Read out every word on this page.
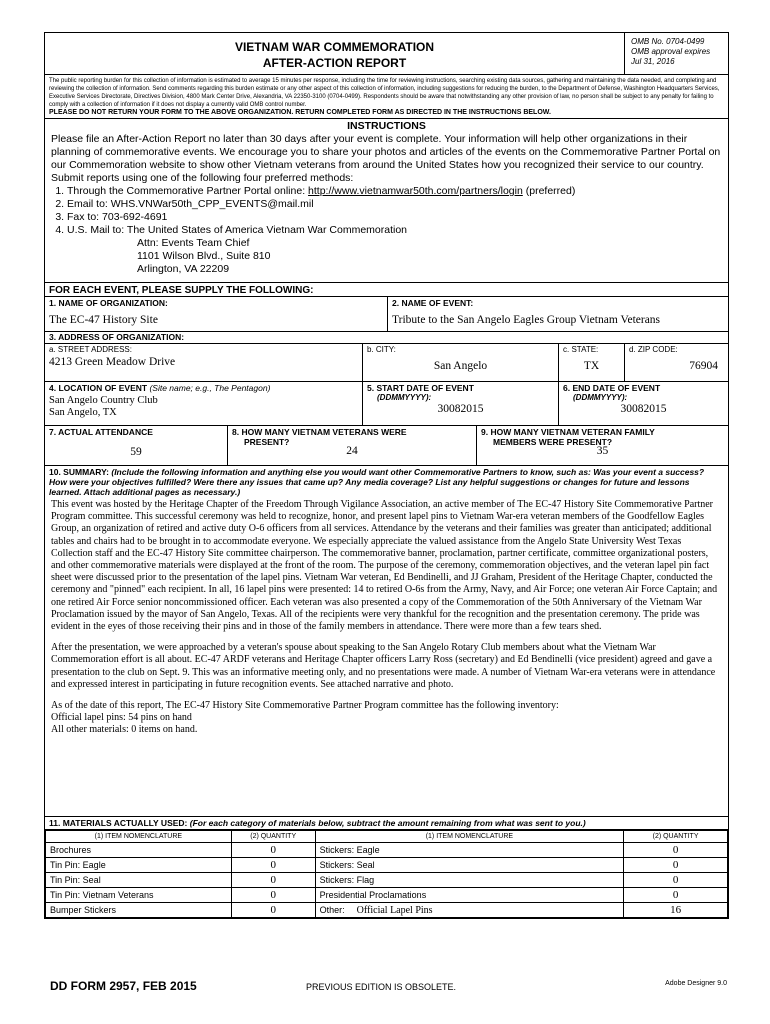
VIETNAM WAR COMMEMORATION
AFTER-ACTION REPORT
OMB No. 0704-0499
OMB approval expires
Jul 31, 2016
The public reporting burden for this collection of information is estimated to average 15 minutes per response, including the time for reviewing instructions, searching existing data sources, gathering and maintaining the data needed, and completing and reviewing the collection of information. Send comments regarding this burden estimate or any other aspect of this collection of information, including suggestions for reducing the burden, to the Department of Defense, Washington Headquarters Services, Executive Services Directorate, Directives Division, 4800 Mark Center Drive, Alexandria, VA 22350-3100 (0704-0499). Respondents should be aware that notwithstanding any other provision of law, no person shall be subject to any penalty for failing to comply with a collection of information if it does not display a currently valid OMB control number.
PLEASE DO NOT RETURN YOUR FORM TO THE ABOVE ORGANIZATION. RETURN COMPLETED FORM AS DIRECTED IN THE INSTRUCTIONS BELOW.
INSTRUCTIONS
Please file an After-Action Report no later than 30 days after your event is complete. Your information will help other organizations in their planning of commemorative events. We encourage you to share your photos and articles of the events on the Commemorative Partner Portal on our Commemoration website to show other Vietnam veterans from around the United States how you recognized their service to our country. Submit reports using one of the following four preferred methods:
1. Through the Commemorative Partner Portal online: http://www.vietnamwar50th.com/partners/login (preferred)
2. Email to: WHS.VNWar50th_CPP_EVENTS@mail.mil
3. Fax to: 703-692-4691
4. U.S. Mail to: The United States of America Vietnam War Commemoration
Attn: Events Team Chief
1101 Wilson Blvd., Suite 810
Arlington, VA 22209
FOR EACH EVENT, PLEASE SUPPLY THE FOLLOWING:
1. NAME OF ORGANIZATION:
The EC-47 History Site
2. NAME OF EVENT:
Tribute to the San Angelo Eagles Group Vietnam Veterans
3. ADDRESS OF ORGANIZATION:
a. STREET ADDRESS:
4213 Green Meadow Drive
b. CITY:
San Angelo
c. STATE:
TX
d. ZIP CODE:
76904
4. LOCATION OF EVENT (Site name; e.g., The Pentagon)
San Angelo Country Club
San Angelo, TX
5. START DATE OF EVENT
(DDMMYYYY):
30082015
6. END DATE OF EVENT
(DDMMYYYY):
30082015
7. ACTUAL ATTENDANCE
59
8. HOW MANY VIETNAM VETERANS WERE
PRESENT?
24
9. HOW MANY VIETNAM VETERAN FAMILY
MEMBERS WERE PRESENT?
35
10. SUMMARY: (Include the following information and anything else you would want other Commemorative Partners to know, such as: Was your event a success? How were your objectives fulfilled? Were there any issues that came up? Any media coverage? List any helpful suggestions or changes for future and lessons learned. Attach additional pages as necessary.)

This event was hosted by the Heritage Chapter of the Freedom Through Vigilance Association, an active member of The EC-47 History Site Commemorative Partner Program committee. This successful ceremony was held to recognize, honor, and present lapel pins to Vietnam War-era veteran members of the Goodfellow Eagles Group, an organization of retired and active duty O-6 officers from all services. Attendance by the veterans and their families was greater than anticipated; additional tables and chairs had to be brought in to accommodate everyone. We especially appreciate the valued assistance from the Angelo State University West Texas Collection staff and the EC-47 History Site committee chairperson. The commemorative banner, proclamation, partner certificate, committee organizational posters, and other commemorative materials were displayed at the front of the room. The purpose of the ceremony, commemoration objectives, and the veteran lapel pin fact sheet were discussed prior to the presentation of the lapel pins. Vietnam War veteran, Ed Bendinelli, and JJ Graham, President of the Heritage Chapter, conducted the ceremony and "pinned" each recipient. In all, 16 lapel pins were presented: 14 to retired O-6s from the Army, Navy, and Air Force; one veteran Air Force Captain; and one retired Air Force senior noncommissioned officer. Each veteran was also presented a copy of the Commemoration of the 50th Anniversary of the Vietnam War Proclamation issued by the mayor of San Angelo, Texas. All of the recipients were very thankful for the recognition and the presentation ceremony. The pride was evident in the eyes of those receiving their pins and in those of the family members in attendance. There were more than a few tears shed.

After the presentation, we were approached by a veteran's spouse about speaking to the San Angelo Rotary Club members about what the Vietnam War Commemoration effort is all about. EC-47 ARDF veterans and Heritage Chapter officers Larry Ross (secretary) and Ed Bendinelli (vice president) agreed and gave a presentation to the club on Sept. 9. This was an informative meeting only, and no presentations were made. A number of Vietnam War-era veterans were in attendance and expressed interest in participating in future recognition events. See attached narrative and photo.

As of the date of this report, The EC-47 History Site Commemorative Partner Program committee has the following inventory:
Official lapel pins: 54 pins on hand
All other materials: 0 items on hand.
11. MATERIALS ACTUALLY USED: (For each category of materials below, subtract the amount remaining from what was sent to you.)
(1) ITEM NOMENCLATURE	(2) QUANTITY	(1) ITEM NOMENCLATURE	(2) QUANTITY
Brochures	0	Stickers: Eagle	0
Tin Pin: Eagle	0	Stickers: Seal	0
Tin Pin: Seal	0	Stickers: Flag	0
Tin Pin: Vietnam Veterans	0	Presidential Proclamations	0
Bumper Stickers	0	Other: Official Lapel Pins	16
DD FORM 2957, FEB 2015	PREVIOUS EDITION IS OBSOLETE.	Adobe Designer 9.0
